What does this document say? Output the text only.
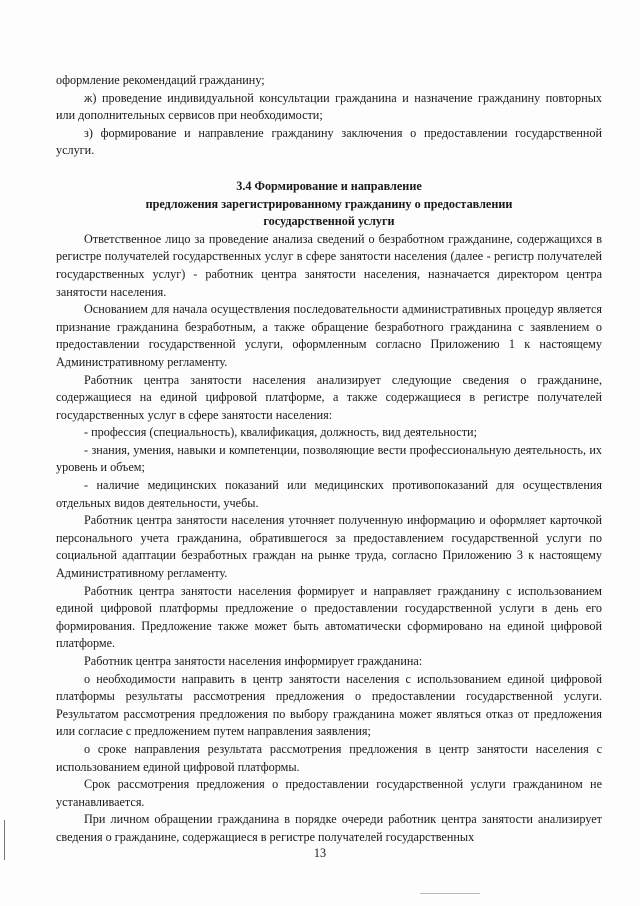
оформление рекомендаций гражданину;

ж) проведение индивидуальной консультации гражданина и назначение гражданину повторных или дополнительных сервисов при необходимости;

з) формирование и направление гражданину заключения о предоставлении государственной услуги.

3.4 Формирование и направление
предложения зарегистрированному гражданину о предоставлении
государственной услуги

Ответственное лицо за проведение анализа сведений о безработном гражданине, содержащихся в регистре получателей государственных услуг в сфере занятости населения (далее - регистр получателей государственных услуг) - работник центра занятости населения, назначается директором центра занятости населения.

Основанием для начала осуществления последовательности административных процедур является признание гражданина безработным, а также обращение безработного гражданина с заявлением о предоставлении государственной услуги, оформленным согласно Приложению 1 к настоящему Административному регламенту.

Работник центра занятости населения анализирует следующие сведения о гражданине, содержащиеся на единой цифровой платформе, а также содержащиеся в регистре получателей государственных услуг в сфере занятости населения:

- профессия (специальность), квалификация, должность, вид деятельности;

- знания, умения, навыки и компетенции, позволяющие вести профессиональную деятельность, их уровень и объем;

- наличие медицинских показаний или медицинских противопоказаний для осуществления отдельных видов деятельности, учебы.

Работник центра занятости населения уточняет полученную информацию и оформляет карточкой персонального учета гражданина, обратившегося за предоставлением государственной услуги по социальной адаптации безработных граждан на рынке труда, согласно Приложению 3 к настоящему Административному регламенту.

Работник центра занятости населения формирует и направляет гражданину с использованием единой цифровой платформы предложение о предоставлении государственной услуги в день его формирования. Предложение также может быть автоматически сформировано на единой цифровой платформе.

Работник центра занятости населения информирует гражданина:

о необходимости направить в центр занятости населения с использованием единой цифровой платформы результаты рассмотрения предложения о предоставлении государственной услуги. Результатом рассмотрения предложения по выбору гражданина может являться отказ от предложения или согласие с предложением путем направления заявления;

о сроке направления результата рассмотрения предложения в центр занятости населения с использованием единой цифровой платформы.

Срок рассмотрения предложения о предоставлении государственной услуги гражданином не устанавливается.

При личном обращении гражданина в порядке очереди работник центра занятости анализирует сведения о гражданине, содержащиеся в регистре получателей государственных

13
